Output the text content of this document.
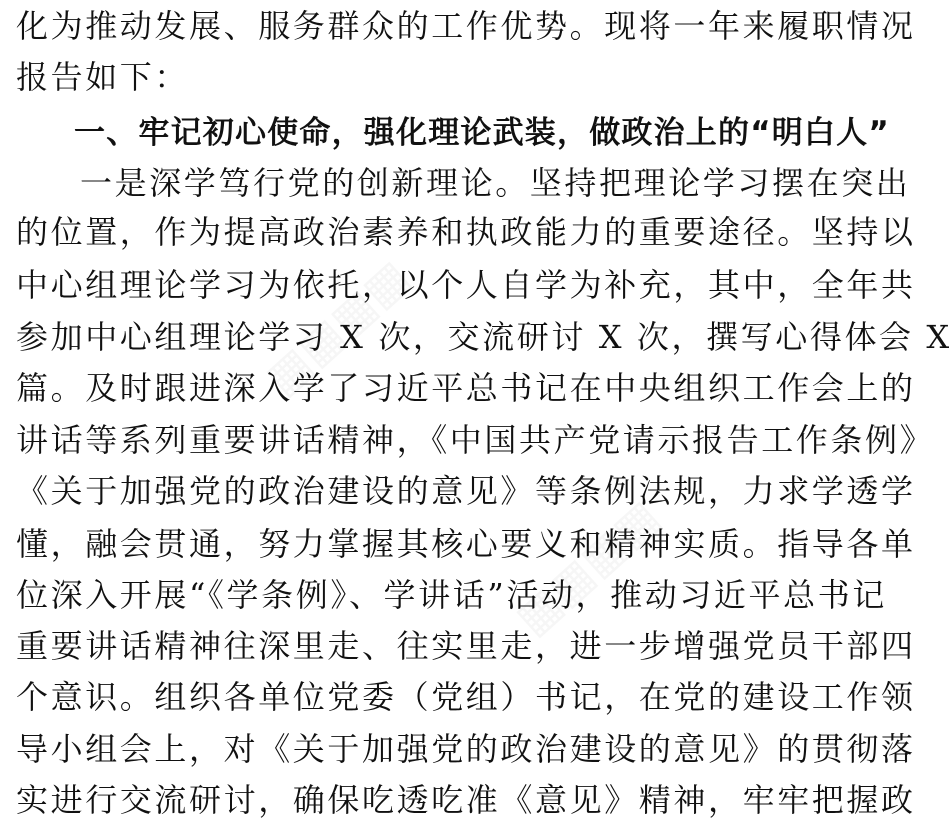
化为推动发展、服务群众的工作优势。现将一年来履职情况
报告如下：
一、牢记初心使命，强化理论武装，做政治上的“明白人”
一是深学笃行党的创新理论。坚持把理论学习摆在突出
的位置，作为提高政治素养和执政能力的重要途径。坚持以
中心组理论学习为依托，以个人自学为补充，其中，全年共
参加中心组理论学习 X 次，交流研讨 X 次，撰写心得体会 X
篇。及时跟进深入学了习近平总书记在中央组织工作会上的
讲话等系列重要讲话精神，《中国共产党请示报告工作条例》
《关于加强党的政治建设的意见》等条例法规，力求学透学
懂，融会贯通，努力掌握其核心要义和精神实质。指导各单
位深入开展“《学条例》、学讲话”活动，推动习近平总书记
重要讲话精神往深里走、往实里走，进一步增强党员干部四
个意识。组织各单位党委（党组）书记，在党的建设工作领
导小组会上，对《关于加强党的政治建设的意见》的贯彻落
实进行交流研讨，确保吃透吃准《意见》精神，牢牢把握政
